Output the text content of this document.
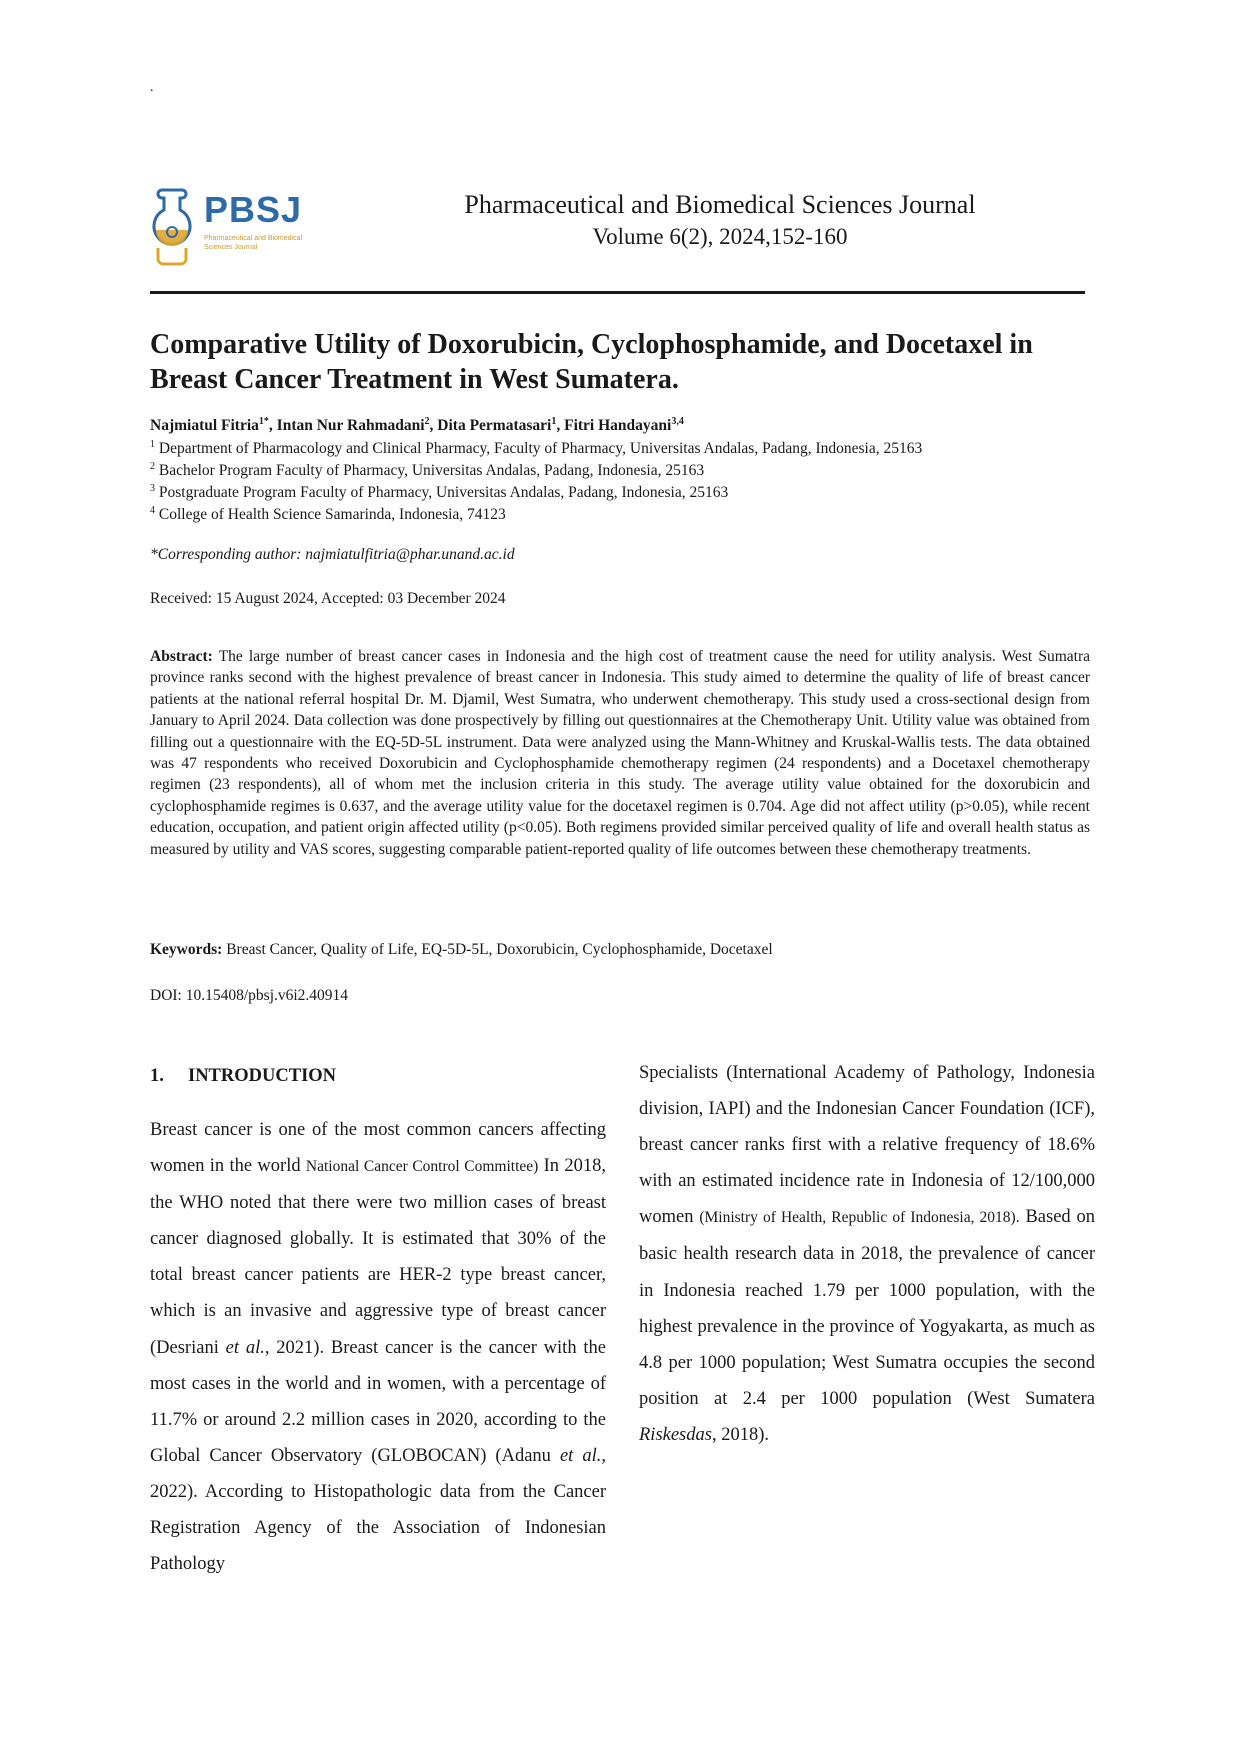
.
PBSJ
Pharmaceutical and Biomedical Sciences Journal
Pharmaceutical and Biomedical Sciences Journal
Volume 6(2), 2024,152-160
Comparative Utility of Doxorubicin, Cyclophosphamide, and Docetaxel in Breast Cancer Treatment in West Sumatera.
Najmiatul Fitria$^{1*}$, Intan Nur Rahmadani$^2$, Dita Permatasari$^1$, Fitri Handayani$^{3,4}$
$^1$ Department of Pharmacology and Clinical Pharmacy, Faculty of Pharmacy, Universitas Andalas, Padang, Indonesia, 25163
$^2$ Bachelor Program Faculty of Pharmacy, Universitas Andalas, Padang, Indonesia, 25163
$^3$ Postgraduate Program Faculty of Pharmacy, Universitas Andalas, Padang, Indonesia, 25163
$^4$ College of Health Science Samarinda, Indonesia, 74123
*Corresponding author: najmiatulfitria@phar.unand.ac.id
Received: 15 August 2024, Accepted: 03 December 2024

Abstract: The large number of breast cancer cases in Indonesia and the high cost of treatment cause the need for utility analysis. West Sumatra province ranks second with the highest prevalence of breast cancer in Indonesia. This study aimed to determine the quality of life of breast cancer patients at the national referral hospital Dr. M. Djamil, West Sumatra, who underwent chemotherapy. This study used a cross-sectional design from January to April 2024. Data collection was done prospectively by filling out questionnaires at the Chemotherapy Unit. Utility value was obtained from filling out a questionnaire with the EQ-5D-5L instrument. Data were analyzed using the Mann-Whitney and Kruskal-Wallis tests. The data obtained was 47 respondents who received Doxorubicin and Cyclophosphamide chemotherapy regimen (24 respondents) and a Docetaxel chemotherapy regimen (23 respondents), all of whom met the inclusion criteria in this study. The average utility value obtained for the doxorubicin and cyclophosphamide regimes is 0.637, and the average utility value for the docetaxel regimen is 0.704. Age did not affect utility (p>0.05), while recent education, occupation, and patient origin affected utility (p<0.05). Both regimens provided similar perceived quality of life and overall health status as measured by utility and VAS scores, suggesting comparable patient-reported quality of life outcomes between these chemotherapy treatments.

Keywords: Breast Cancer, Quality of Life, EQ-5D-5L, Doxorubicin, Cyclophosphamide, Docetaxel
DOI: 10.15408/pbsj.v6i2.40914

1. INTRODUCTION

Breast cancer is one of the most common cancers affecting women in the world National Cancer Control Committee) In 2018, the WHO noted that there were two million cases of breast cancer diagnosed globally. It is estimated that 30% of the total breast cancer patients are HER-2 type breast cancer, which is an invasive and aggressive type of breast cancer (Desriani et al., 2021). Breast cancer is the cancer with the most cases in the world and in women, with a percentage of 11.7% or around 2.2 million cases in 2020, according to the Global Cancer Observatory (GLOBOCAN) (Adanu et al., 2022). According to Histopathologic data from the Cancer Registration Agency of the Association of Indonesian Pathology

Specialists (International Academy of Pathology, Indonesia division, IAPI) and the Indonesian Cancer Foundation (ICF), breast cancer ranks first with a relative frequency of 18.6% with an estimated incidence rate in Indonesia of 12/100,000 women (Ministry of Health, Republic of Indonesia, 2018). Based on basic health research data in 2018, the prevalence of cancer in Indonesia reached 1.79 per 1000 population, with the highest prevalence in the province of Yogyakarta, as much as 4.8 per 1000 population; West Sumatra occupies the second position at 2.4 per 1000 population (West Sumatera Riskesdas, 2018).
